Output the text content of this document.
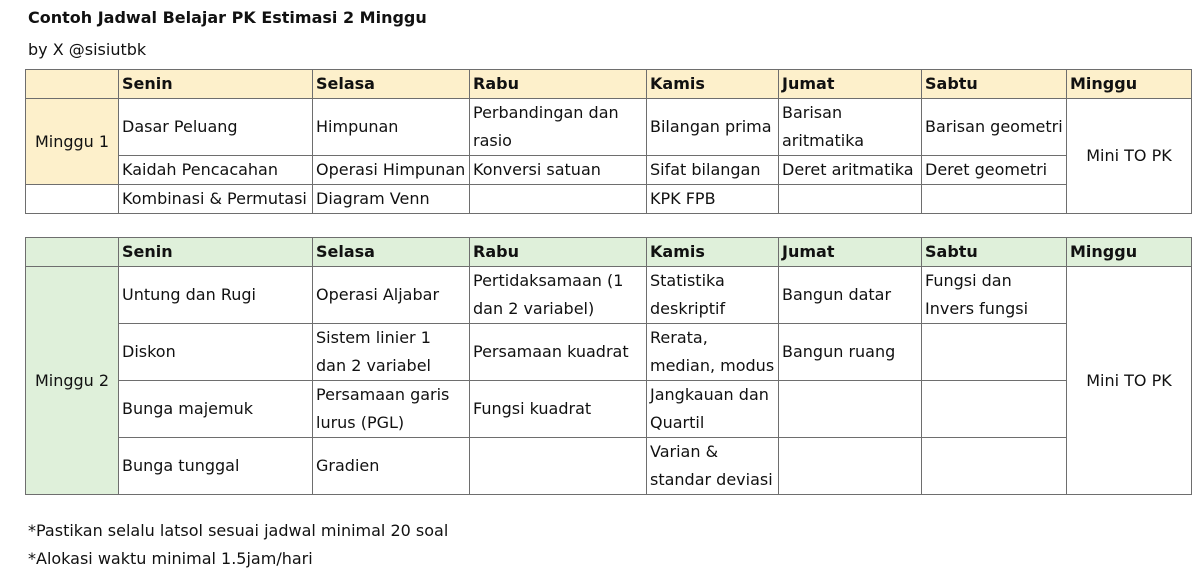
Contoh Jadwal Belajar PK Estimasi 2 Minggu
by X @sisiutbk
	Senin	Selasa	Rabu	Kamis	Jumat	Sabtu	Minggu
Minggu 1	Dasar Peluang	Himpunan	Perbandingan dan rasio	Bilangan prima	Barisan aritmatika	Barisan geometri	Mini TO PK
	Kaidah Pencacahan	Operasi Himpunan	Konversi satuan	Sifat bilangan	Deret aritmatika	Deret geometri	
	Kombinasi & Permutasi	Diagram Venn		KPK FPB			
	Senin	Selasa	Rabu	Kamis	Jumat	Sabtu	Minggu
Minggu 2	Untung dan Rugi	Operasi Aljabar	Pertidaksamaan (1 dan 2 variabel)	Statistika deskriptif	Bangun datar	Fungsi dan Invers fungsi	Mini TO PK
	Diskon	Sistem linier 1 dan 2 variabel	Persamaan kuadrat	Rerata, median, modus	Bangun ruang		
	Bunga majemuk	Persamaan garis lurus (PGL)	Fungsi kuadrat	Jangkauan dan Quartil			
	Bunga tunggal	Gradien		Varian & standar deviasi			
*Pastikan selalu latsol sesuai jadwal minimal 20 soal
*Alokasi waktu minimal 1.5jam/hari
